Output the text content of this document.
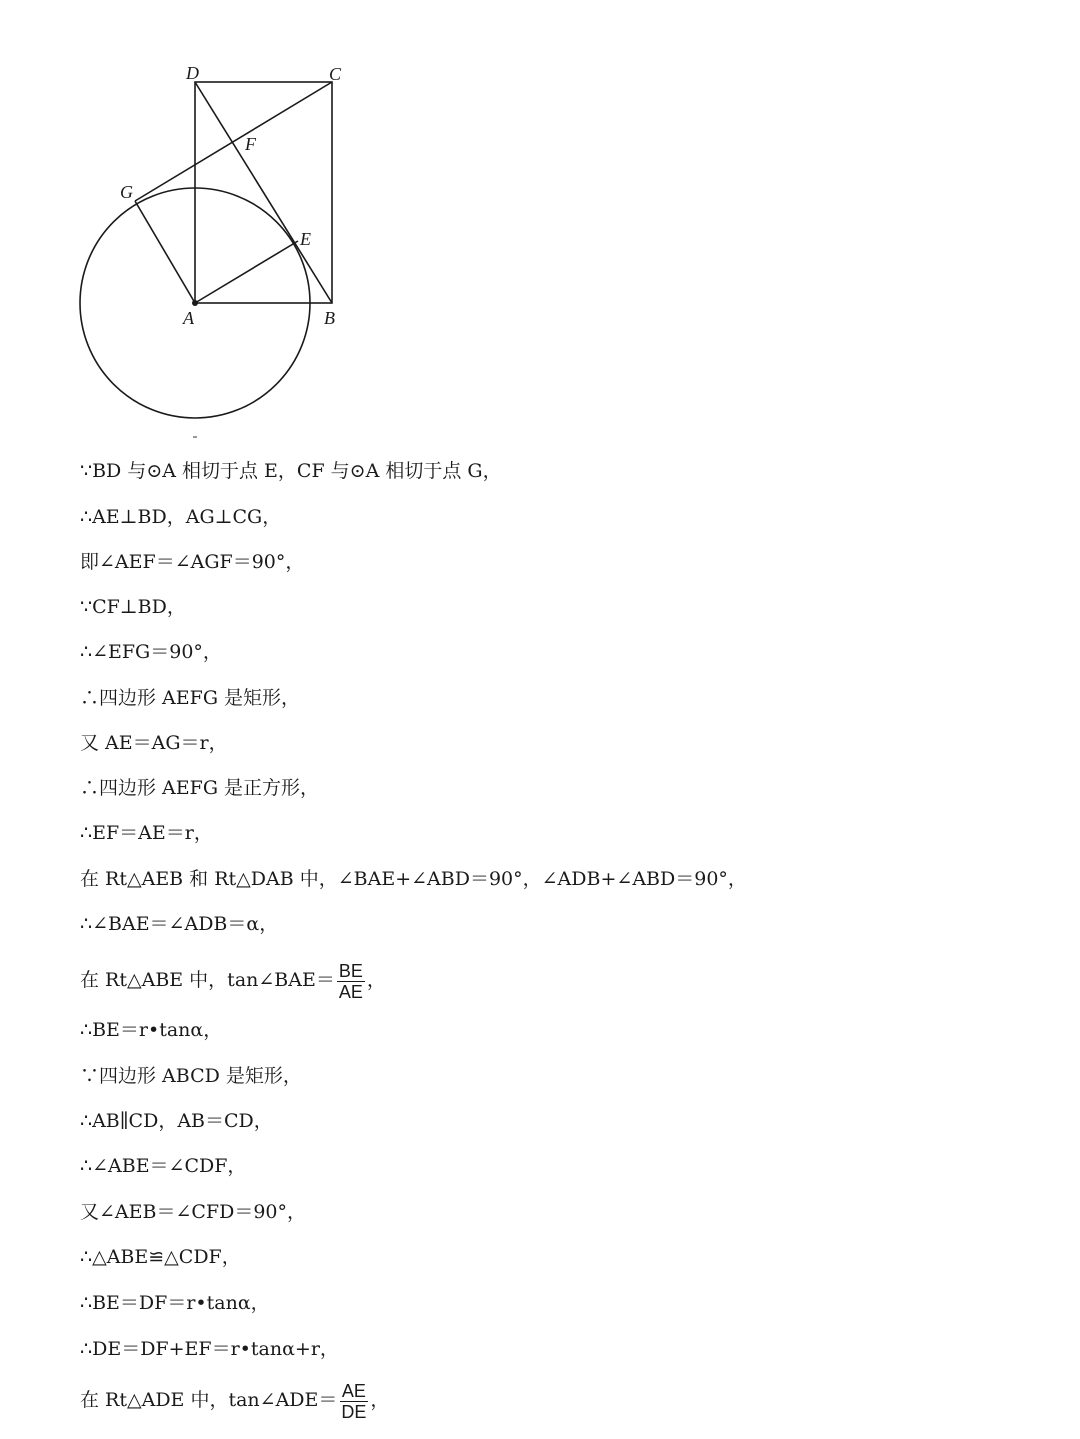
D	C
F
G
E
A	B
∵BD 与⊙A 相切于点 E，CF 与⊙A 相切于点 G，
∴AE⊥BD，AG⊥CG，
即∠AEF＝∠AGF＝90°，
∵CF⊥BD，
∴∠EFG＝90°，
∴四边形 AEFG 是矩形，
又 AE＝AG＝r，
∴四边形 AEFG 是正方形，
∴EF＝AE＝r，
在 Rt△AEB 和 Rt△DAB 中，∠BAE+∠ABD＝90°，∠ADB+∠ABD＝90°，
∴∠BAE＝∠ADB＝α，
在 Rt△ABE 中，tan∠BAE＝ $\frac{BE}{AE}$ ，
∴BE＝r•tanα，
∵四边形 ABCD 是矩形，
∴AB∥CD，AB＝CD，
∴∠ABE＝∠CDF，
又∠AEB＝∠CFD＝90°，
∴△ABE≌△CDF，
∴BE＝DF＝r•tanα，
∴DE＝DF+EF＝r•tanα+r，
在 Rt△ADE 中，tan∠ADE＝ $\frac{AE}{DE}$ ，
